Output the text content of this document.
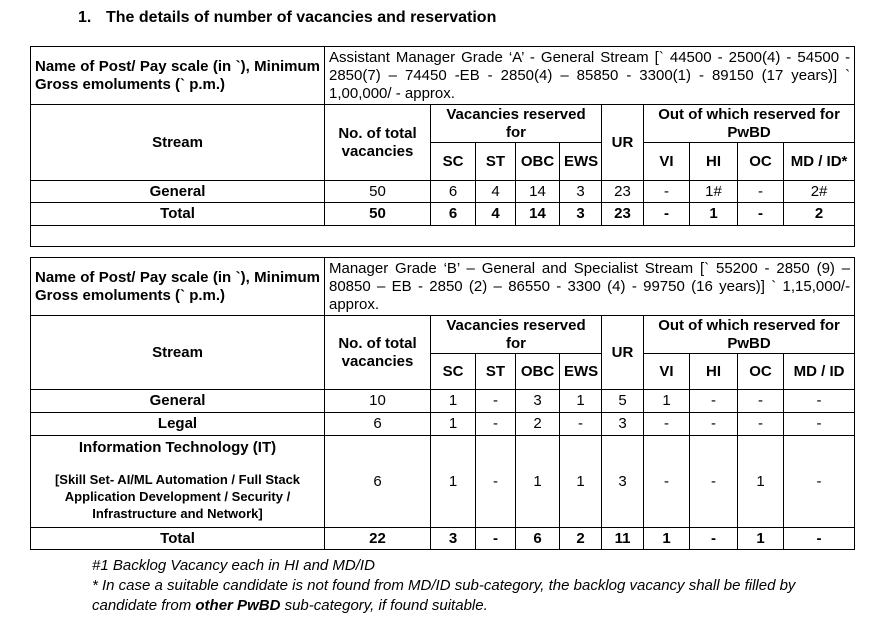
1. The details of number of vacancies and reservation
Name of Post/ Pay scale (in `), Minimum Gross emoluments (` p.m.)	Assistant Manager Grade ‘A’ - General Stream [` 44500 - 2500(4) - 54500 - 2850(7) – 74450 -EB - 2850(4) – 85850 - 3300(1) - 89150 (17 years)] ` 1,00,000/ - approx.									
Stream	No. of total vacancies	Vacancies reserved for				UR	Out of which reserved for PwBD			
		SC	ST	OBC	EWS		VI	HI	OC	MD / ID*
General	50	6	4	14	3	23	-	1#	-	2#
Total	50	6	4	14	3	23	-	1	-	2

Name of Post/ Pay scale (in `), Minimum Gross emoluments (` p.m.)	Manager Grade ‘B’ – General and Specialist Stream [` 55200 - 2850 (9) – 80850 – EB - 2850 (2) – 86550 - 3300 (4) - 99750 (16 years)] ` 1,15,000/- approx.									
Stream	No. of total vacancies	Vacancies reserved for				UR	Out of which reserved for PwBD			
		SC	ST	OBC	EWS		VI	HI	OC	MD / ID
General	10	1	-	3	1	5	1	-	-	-
Legal	6	1	-	2	-	3	-	-	-	-

Information Technology (IT)
[Skill Set- AI/ML Automation / Full Stack Application Development / Security / Infrastructure and Network]	6	1	-	1	1	3	-	-	1	-
Total	22	3	-	6	2	11	1	-	1	-
#1 Backlog Vacancy each in HI and MD/ID
* In case a suitable candidate is not found from MD/ID sub-category, the backlog vacancy shall be filled by candidate from other PwBD sub-category, if found suitable.
